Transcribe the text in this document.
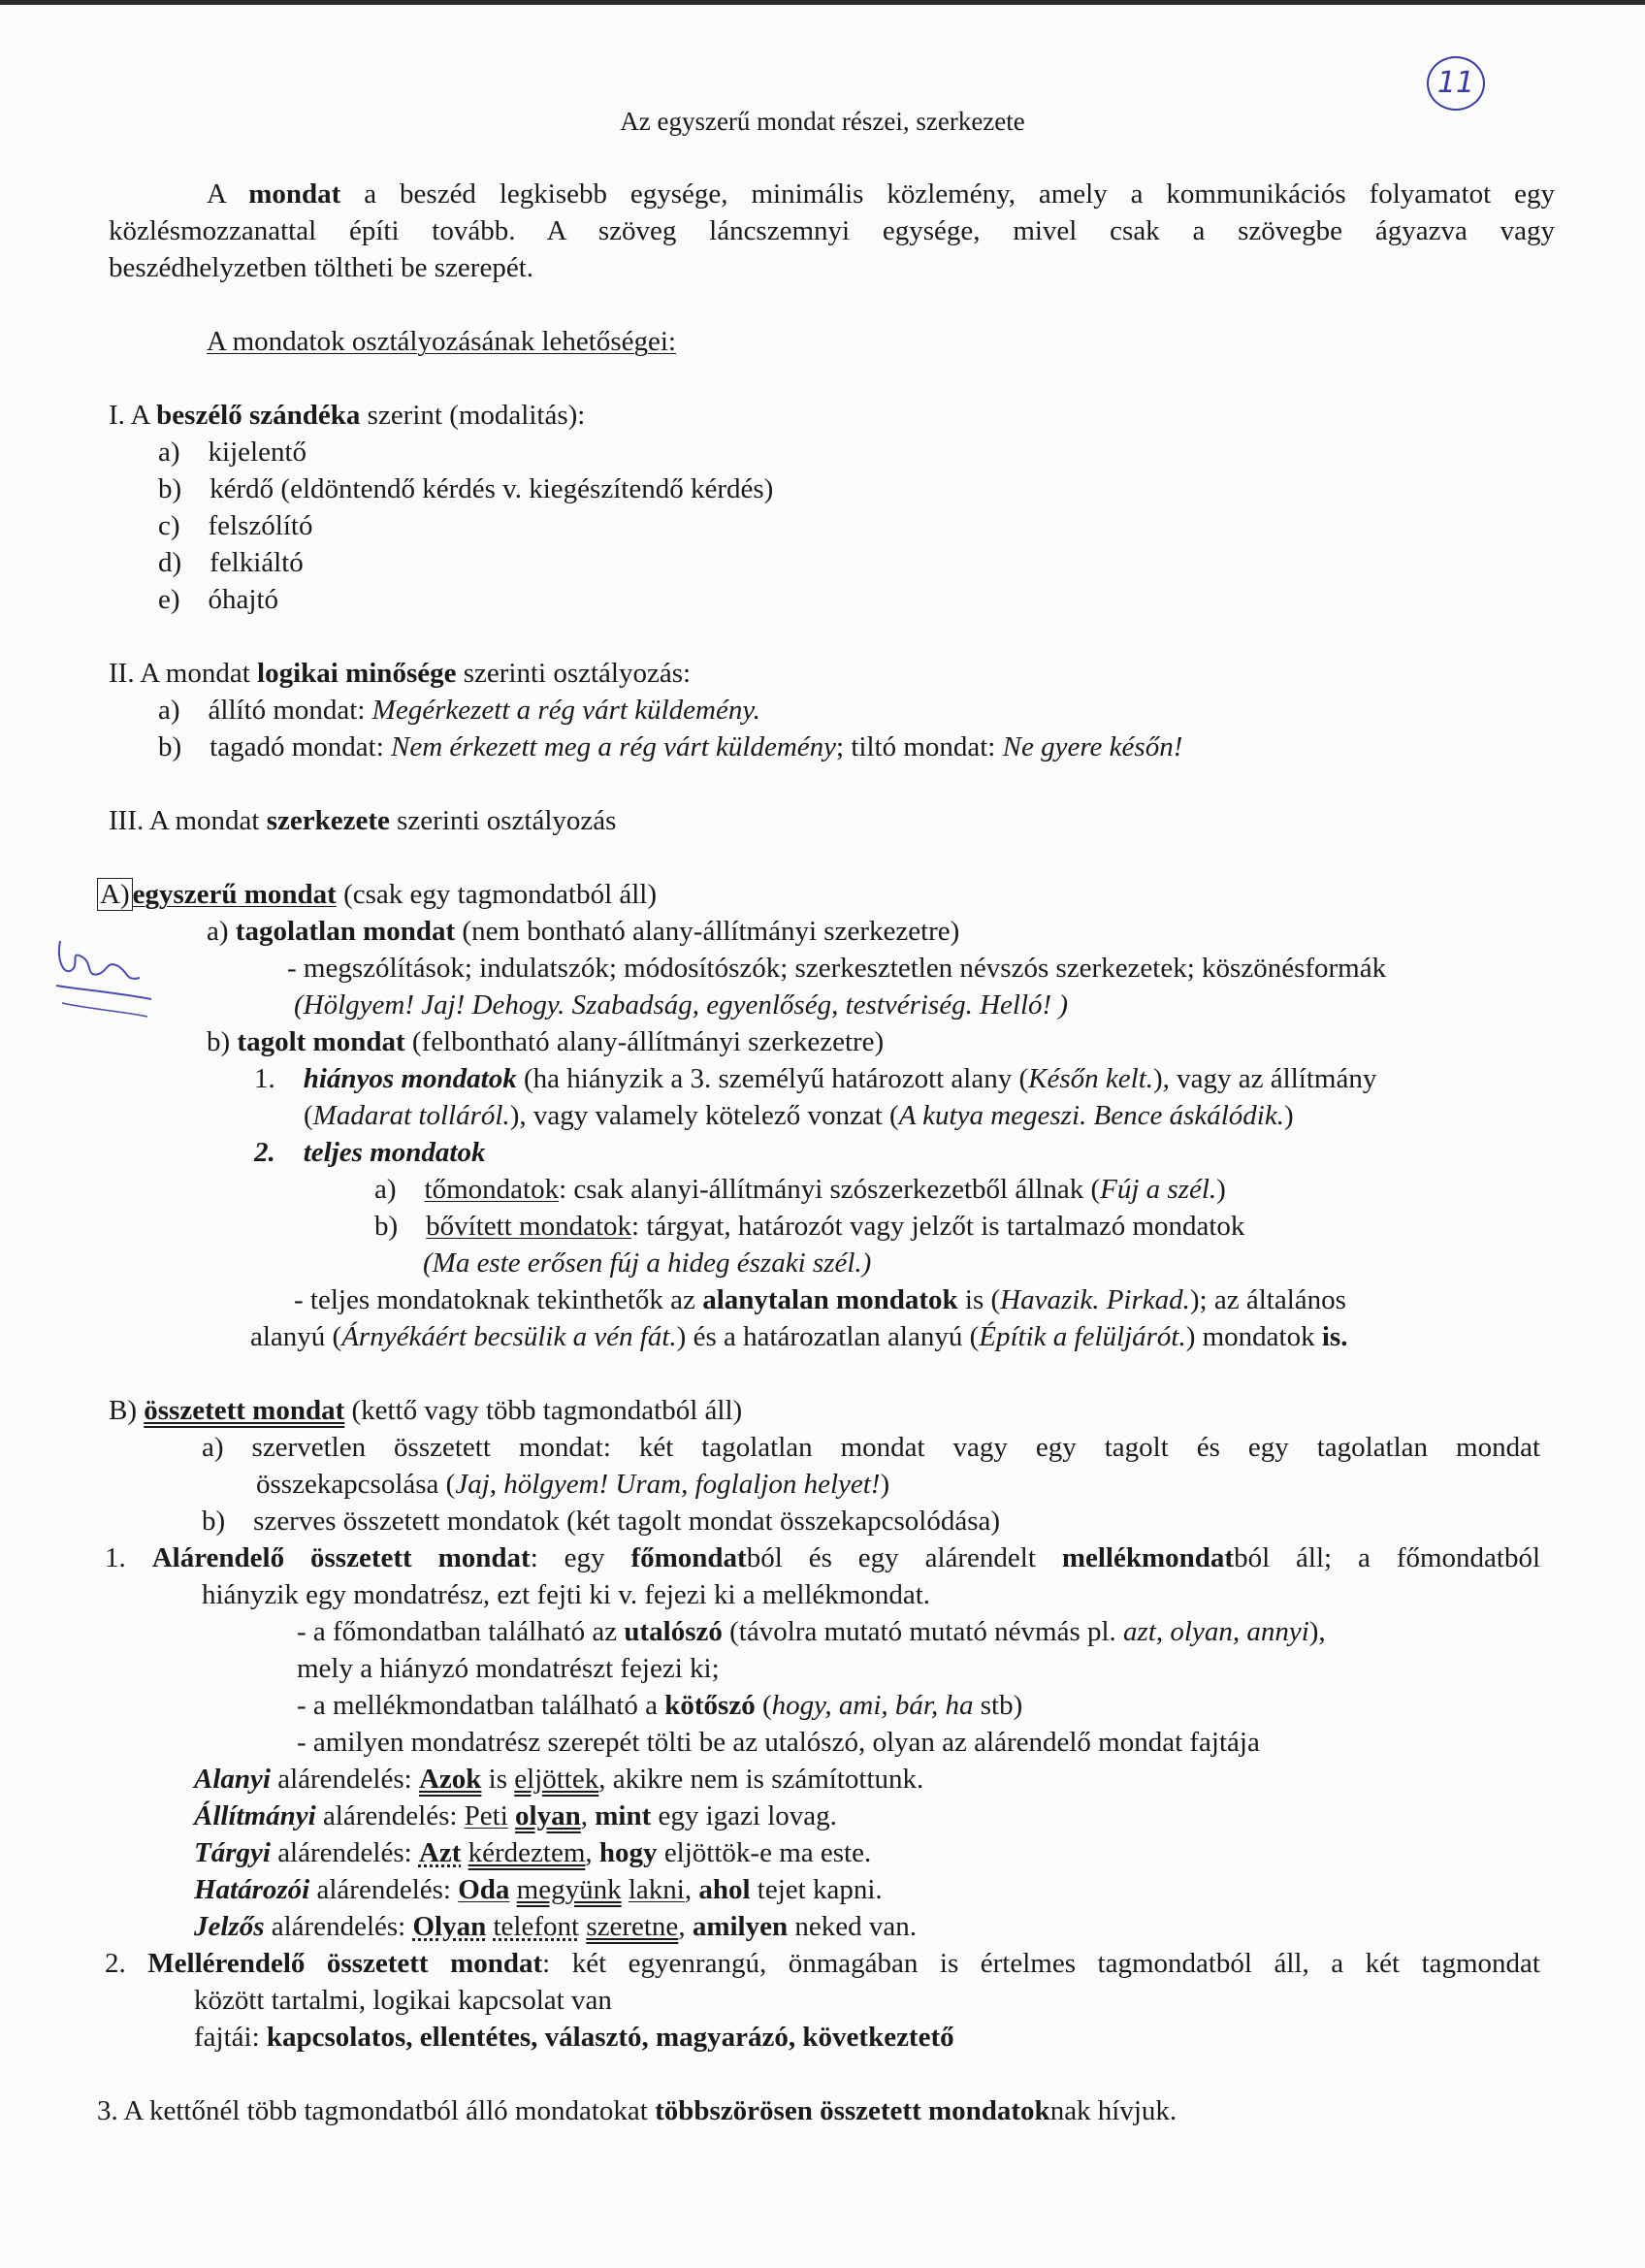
11
Az egyszerű mondat részei, szerkezete
A mondat a beszéd legkisebb egysége, minimális közlemény, amely a kommunikációs folyamatot egy
közlésmozzanattal építi tovább. A szöveg láncszemnyi egysége, mivel csak a szövegbe ágyazva vagy
beszédhelyzetben töltheti be szerepét.
A mondatok osztályozásának lehetőségei:
I. A beszélő szándéka szerint (modalitás):
a) kijelentő
b) kérdő (eldöntendő kérdés v. kiegészítendő kérdés)
c) felszólító
d) felkiáltó
e) óhajtó
II. A mondat logikai minősége szerinti osztályozás:
a) állító mondat: Megérkezett a rég várt küldemény.
b) tagadó mondat: Nem érkezett meg a rég várt küldemény; tiltó mondat: Ne gyere későn!
III. A mondat szerkezete szerinti osztályozás
A) egyszerű mondat (csak egy tagmondatból áll)
a) tagolatlan mondat (nem bontható alany-állítmányi szerkezetre)
- megszólítások; indulatszók; módosítószók; szerkesztetlen névszós szerkezetek; köszönésformák
(Hölgyem! Jaj! Dehogy. Szabadság, egyenlőség, testvériség. Helló! )
b) tagolt mondat (felbontható alany-állítmányi szerkezetre)
1. hiányos mondatok (ha hiányzik a 3. személyű határozott alany (Későn kelt.), vagy az állítmány
(Madarat tolláról.), vagy valamely kötelező vonzat (A kutya megeszi. Bence áskálódik.)
2. teljes mondatok
a) tőmondatok: csak alanyi-állítmányi szószerkezetből állnak (Fúj a szél.)
b) bővített mondatok: tárgyat, határozót vagy jelzőt is tartalmazó mondatok
(Ma este erősen fúj a hideg északi szél.)
- teljes mondatoknak tekinthetők az alanytalan mondatok is (Havazik. Pirkad.); az általános
alanyú (Árnyékáért becsülik a vén fát.) és a határozatlan alanyú (Építik a felüljárót.) mondatok is.
B) összetett mondat (kettő vagy több tagmondatból áll)
a) szervetlen összetett mondat: két tagolatlan mondat vagy egy tagolt és egy tagolatlan mondat
összekapcsolása (Jaj, hölgyem! Uram, foglaljon helyet!)
b) szerves összetett mondatok (két tagolt mondat összekapcsolódása)
1. Alárendelő összetett mondat: egy főmondatból és egy alárendelt mellékmondatból áll; a főmondatból
hiányzik egy mondatrész, ezt fejti ki v. fejezi ki a mellékmondat.
- a főmondatban található az utalószó (távolra mutató mutató névmás pl. azt, olyan, annyi),
mely a hiányzó mondatrészt fejezi ki;
- a mellékmondatban található a kötőszó (hogy, ami, bár, ha stb)
- amilyen mondatrész szerepét tölti be az utalószó, olyan az alárendelő mondat fajtája
Alanyi alárendelés: Azok is eljöttek, akikre nem is számítottunk.
Állítmányi alárendelés: Peti olyan, mint egy igazi lovag.
Tárgyi alárendelés: Azt kérdeztem, hogy eljöttök-e ma este.
Határozói alárendelés: Oda megyünk lakni, ahol tejet kapni.
Jelzős alárendelés: Olyan telefont szeretne, amilyen neked van.
2. Mellérendelő összetett mondat: két egyenrangú, önmagában is értelmes tagmondatból áll, a két tagmondat
között tartalmi, logikai kapcsolat van
fajtái: kapcsolatos, ellentétes, választó, magyarázó, következtető
3. A kettőnél több tagmondatból álló mondatokat többszörösen összetett mondatoknak hívjuk.
